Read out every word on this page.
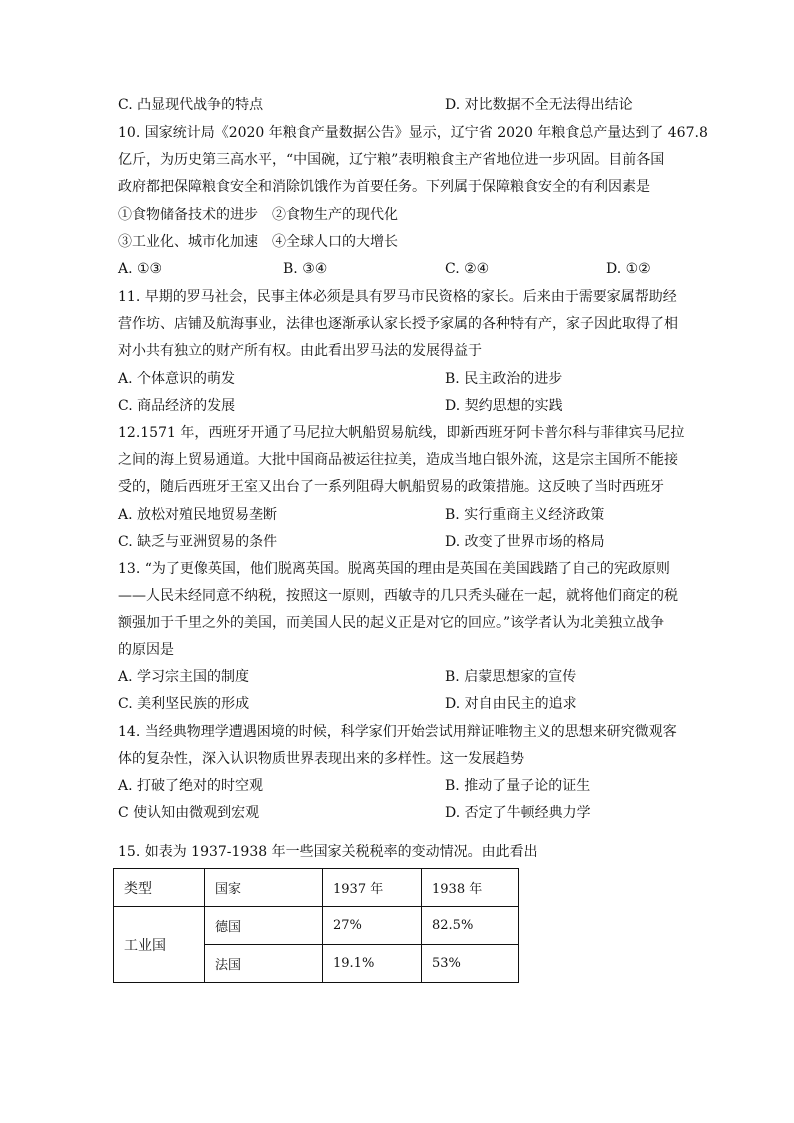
C. 凸显现代战争的特点	D. 对比数据不全无法得出结论
10. 国家统计局《2020 年粮食产量数据公告》显示，辽宁省 2020 年粮食总产量达到了 467.8
亿斤，为历史第三高水平，“中国碗，辽宁粮”表明粮食主产省地位进一步巩固。目前各国
政府都把保障粮食安全和消除饥饿作为首要任务。下列属于保障粮食安全的有利因素是
①食物储备技术的进步　②食物生产的现代化
③工业化、城市化加速　④全球人口的大增长
A. ①③	B. ③④	C. ②④	D. ①②
11. 早期的罗马社会，民事主体必须是具有罗马市民资格的家长。后来由于需要家属帮助经
营作坊、店铺及航海事业，法律也逐渐承认家长授予家属的各种特有产，家子因此取得了相
对小共有独立的财产所有权。由此看出罗马法的发展得益于
A. 个体意识的萌发	B. 民主政治的进步
C. 商品经济的发展	D. 契约思想的实践
12.1571 年，西班牙开通了马尼拉大帆船贸易航线，即新西班牙阿卡普尔科与菲律宾马尼拉
之间的海上贸易通道。大批中国商品被运往拉美，造成当地白银外流，这是宗主国所不能接
受的，随后西班牙王室又出台了一系列阻碍大帆船贸易的政策措施。这反映了当时西班牙
A. 放松对殖民地贸易垄断	B. 实行重商主义经济政策
C. 缺乏与亚洲贸易的条件	D. 改变了世界市场的格局
13. “为了更像英国，他们脱离英国。脱离英国的理由是英国在美国践踏了自己的宪政原则
——人民未经同意不纳税，按照这一原则，西敏寺的几只秃头碰在一起，就将他们商定的税
额强加于千里之外的美国，而美国人民的起义正是对它的回应。”该学者认为北美独立战争
的原因是
A. 学习宗主国的制度	B. 启蒙思想家的宣传
C. 美利坚民族的形成	D. 对自由民主的追求
14. 当经典物理学遭遇困境的时候，科学家们开始尝试用辩证唯物主义的思想来研究微观客
体的复杂性，深入认识物质世界表现出来的多样性。这一发展趋势
A. 打破了绝对的时空观	B. 推动了量子论的证生
C 使认知由微观到宏观	D. 否定了牛顿经典力学
15. 如表为 1937-1938 年一些国家关税税率的变动情况。由此看出
类型	国家	1937 年	1938 年
工业国	德国	27%	82.5%
	法国	19.1%	53%
